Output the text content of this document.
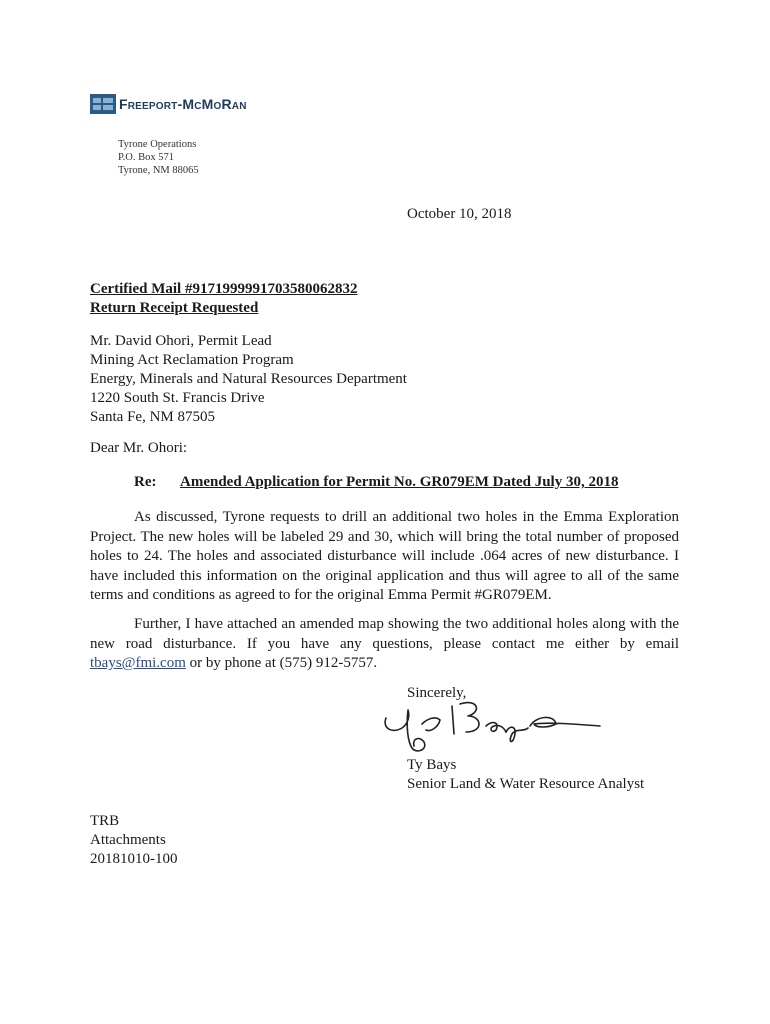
Freeport-McMoRan
Tyrone Operations
P.O. Box 571
Tyrone, NM 88065
October 10, 2018
Certified Mail #9171999991703580062832
Return Receipt Requested
Mr. David Ohori, Permit Lead
Mining Act Reclamation Program
Energy, Minerals and Natural Resources Department
1220 South St. Francis Drive
Santa Fe, NM 87505
Dear Mr. Ohori:
Re: Amended Application for Permit No. GR079EM Dated July 30, 2018

As discussed, Tyrone requests to drill an additional two holes in the Emma Exploration Project. The new holes will be labeled 29 and 30, which will bring the total number of proposed holes to 24. The holes and associated disturbance will include .064 acres of new disturbance. I have included this information on the original application and thus will agree to all of the same terms and conditions as agreed to for the original Emma Permit #GR079EM.

Further, I have attached an amended map showing the two additional holes along with the new road disturbance. If you have any questions, please contact me either by email tbays@fmi.com or by phone at (575) 912-5757.

Sincerely,
Ty Bays
Senior Land & Water Resource Analyst
TRB
Attachments
20181010-100
